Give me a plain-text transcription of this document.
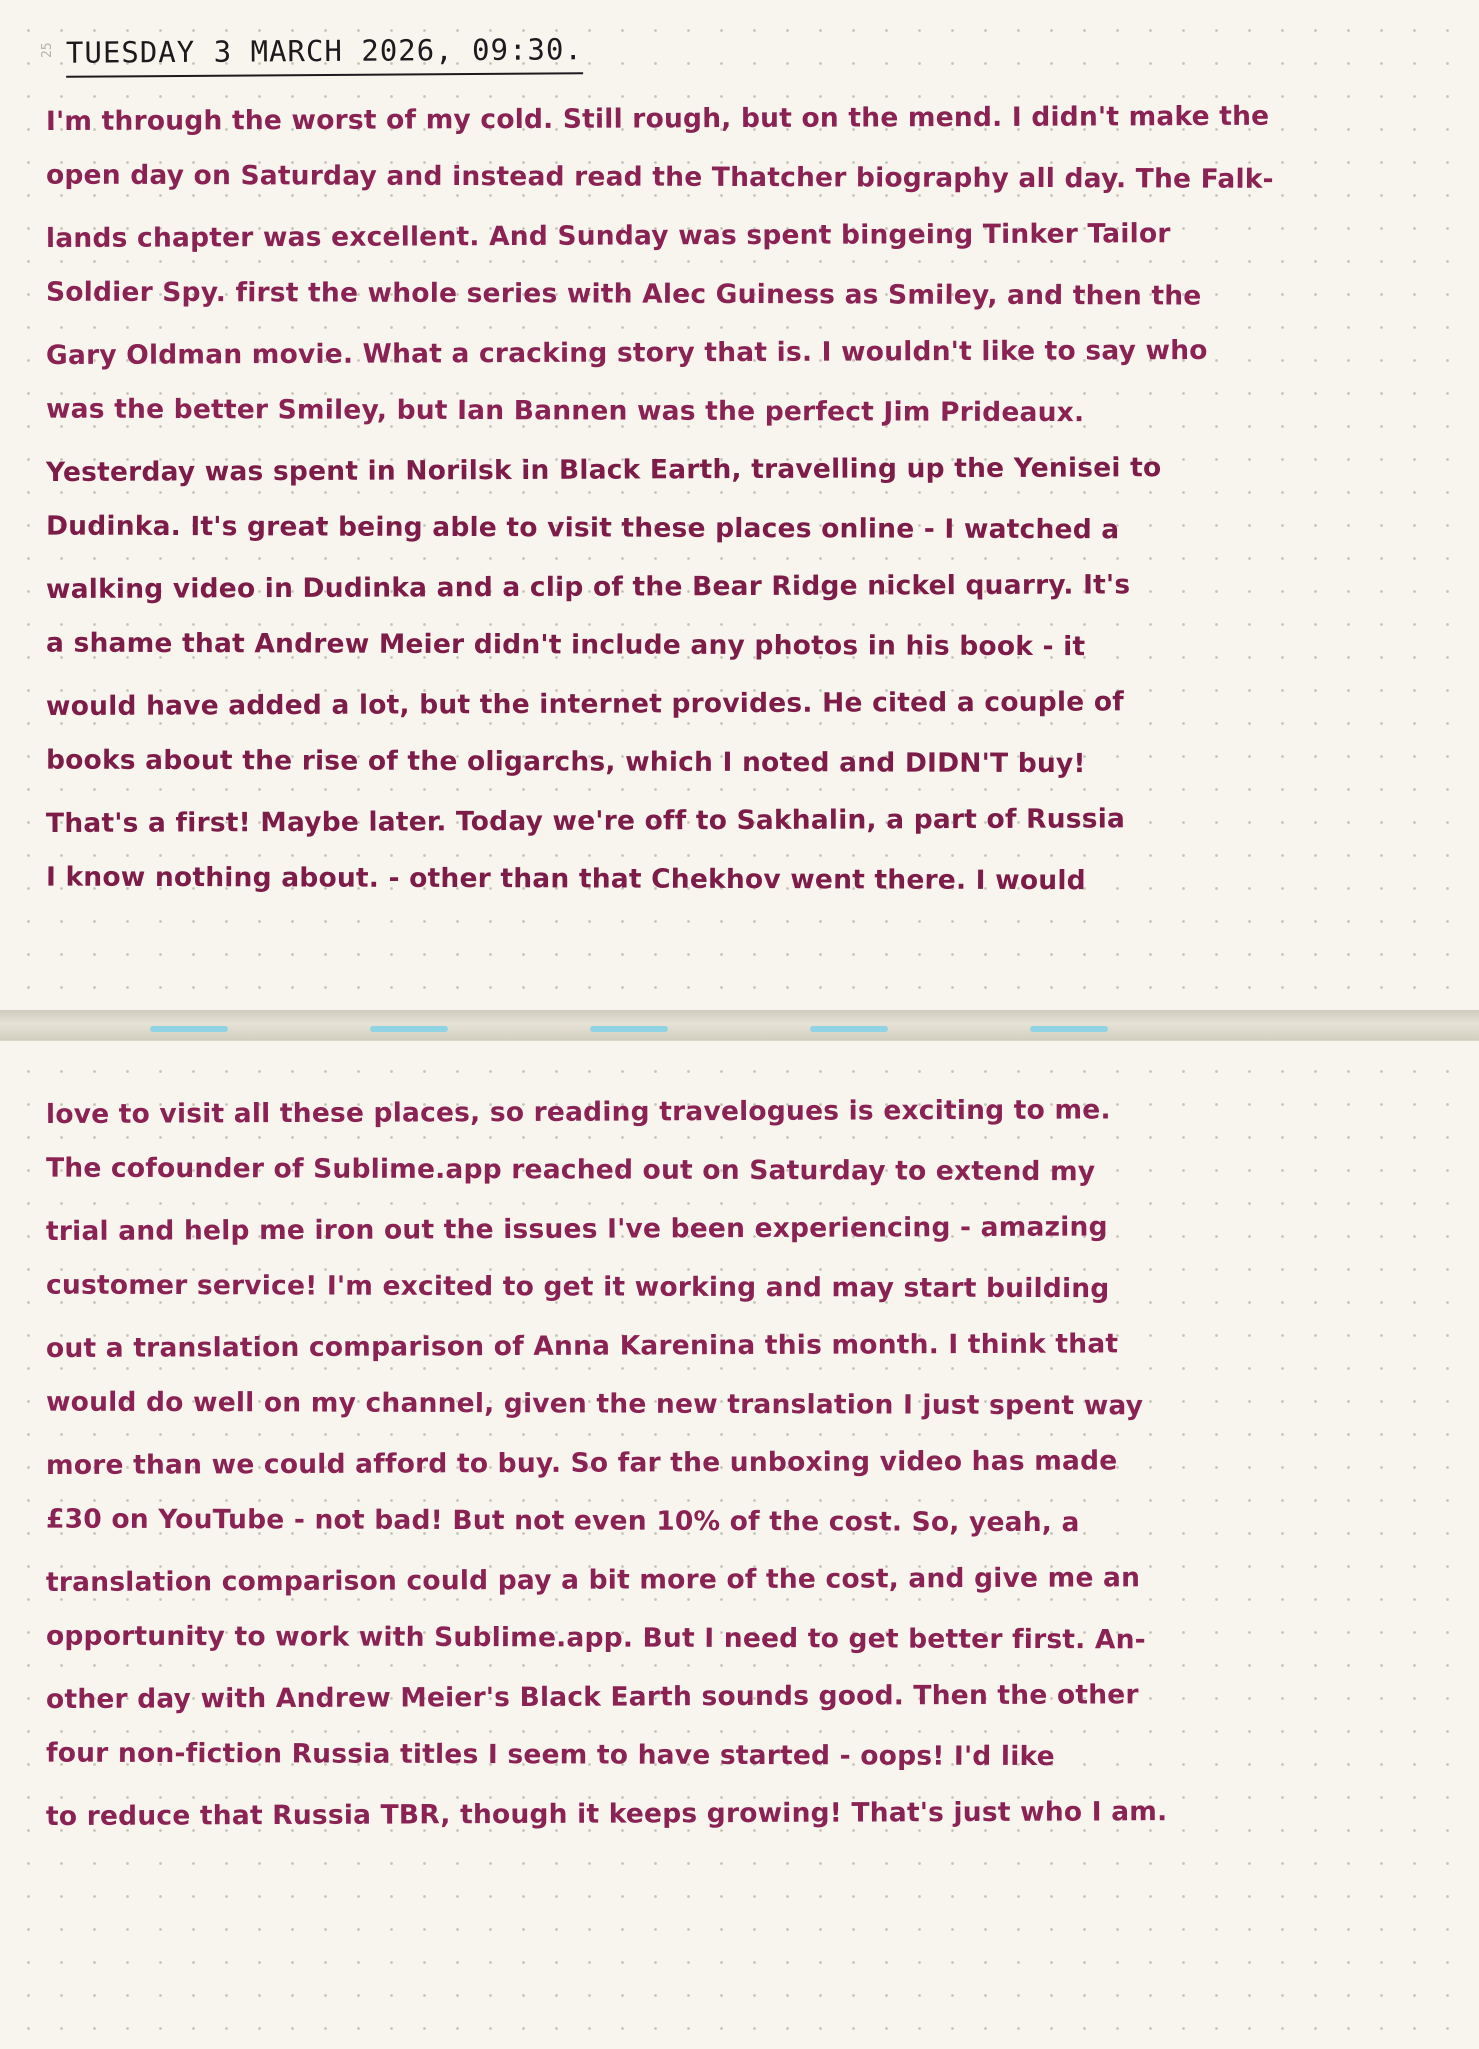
25 TUESDAY 3 MARCH 2026, 09:30.
I'm through the worst of my cold. Still rough, but on the mend. I didn't make the
open day on Saturday and instead read the Thatcher biography all day. The Falk-
lands chapter was excellent. And Sunday was spent bingeing Tinker Tailor
Soldier Spy. first the whole series with Alec Guiness as Smiley, and then the
Gary Oldman movie. What a cracking story that is. I wouldn't like to say who
was the better Smiley, but Ian Bannen was the perfect Jim Prideaux.
Yesterday was spent in Norilsk in Black Earth, travelling up the Yenisei to
Dudinka. It's great being able to visit these places online - I watched a
walking video in Dudinka and a clip of the Bear Ridge nickel quarry. It's
a shame that Andrew Meier didn't include any photos in his book - it
would have added a lot, but the internet provides. He cited a couple of
books about the rise of the oligarchs, which I noted and DIDN'T buy!
That's a first! Maybe later. Today we're off to Sakhalin, a part of Russia
I know nothing about. - other than that Chekhov went there. I would
love to visit all these places, so reading travelogues is exciting to me.
The cofounder of Sublime.app reached out on Saturday to extend my
trial and help me iron out the issues I've been experiencing - amazing
customer service! I'm excited to get it working and may start building
out a translation comparison of Anna Karenina this month. I think that
would do well on my channel, given the new translation I just spent way
more than we could afford to buy. So far the unboxing video has made
£30 on YouTube - not bad! But not even 10% of the cost. So, yeah, a
translation comparison could pay a bit more of the cost, and give me an
opportunity to work with Sublime.app. But I need to get better first. An-
other day with Andrew Meier's Black Earth sounds good. Then the other
four non-fiction Russia titles I seem to have started - oops! I'd like
to reduce that Russia TBR, though it keeps growing! That's just who I am.
